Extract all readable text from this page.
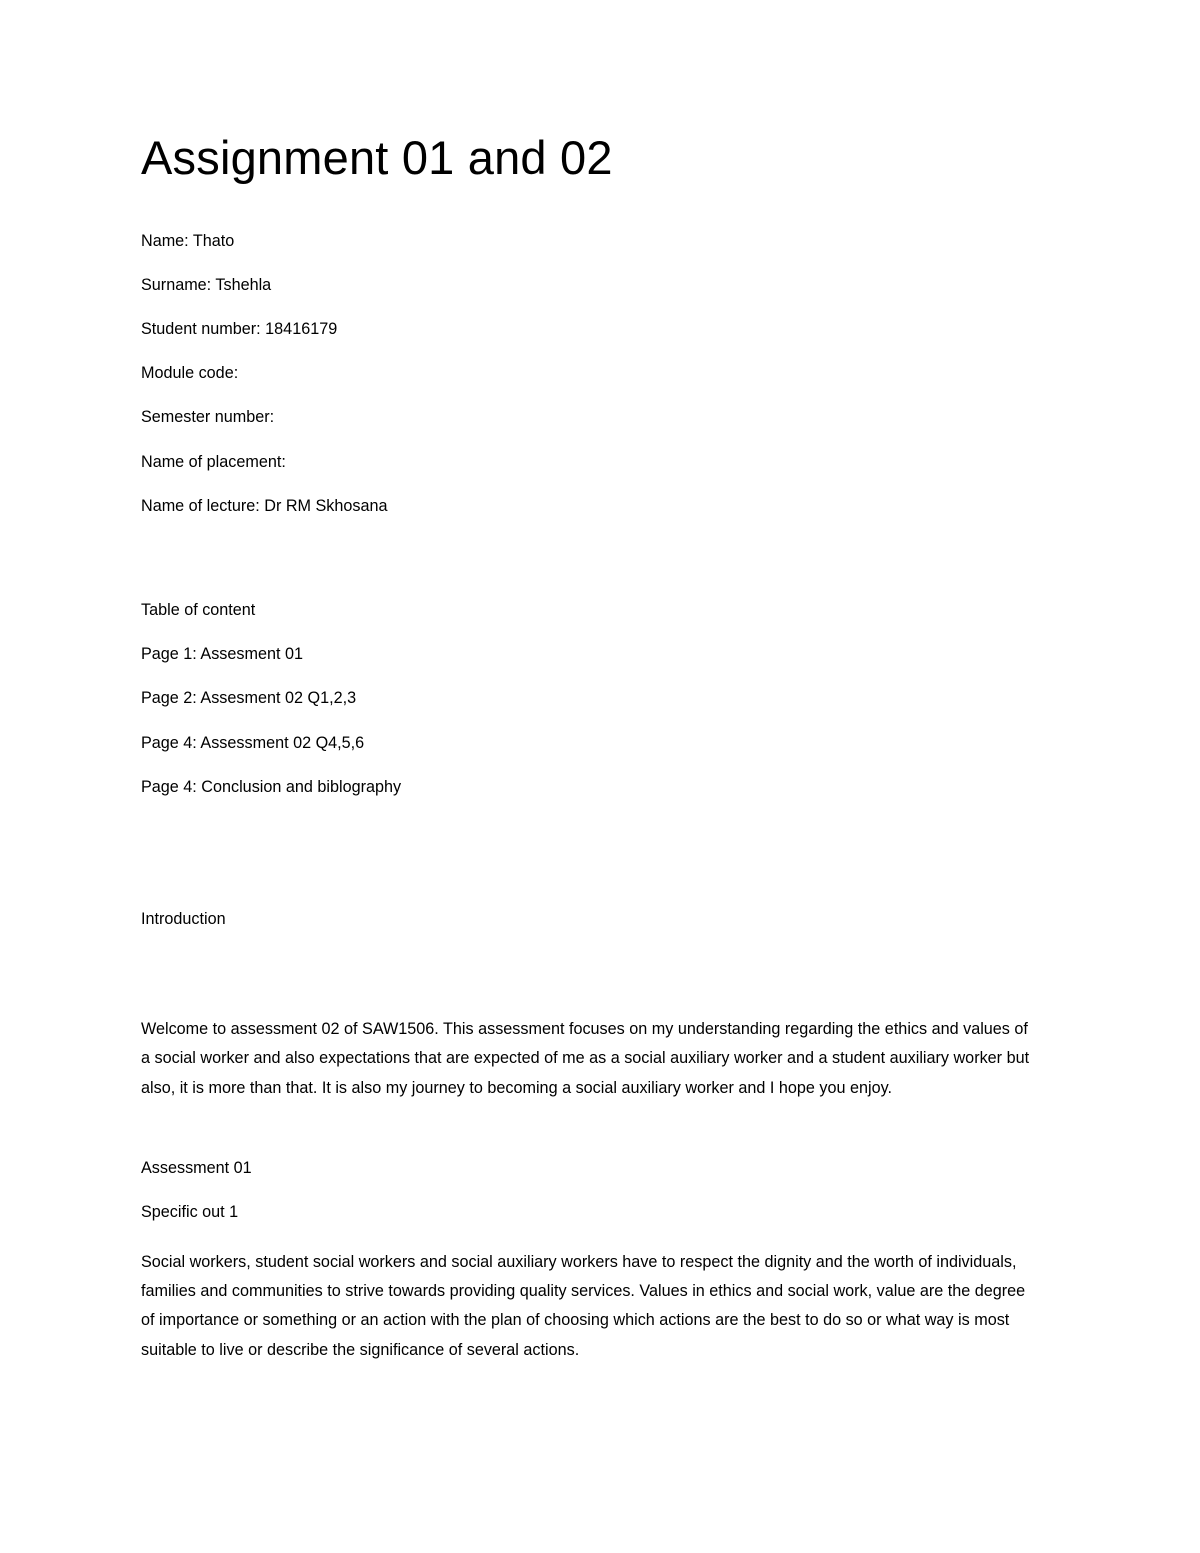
Assignment 01 and 02

Name: Thato

Surname: Tshehla

Student number: 18416179

Module code:

Semester number:

Name of placement:

Name of lecture: Dr RM Skhosana

Table of content

Page 1: Assesment 01

Page 2: Assesment 02 Q1,2,3

Page 4: Assessment 02 Q4,5,6

Page 4: Conclusion and biblography

Introduction

Welcome to assessment 02 of SAW1506. This assessment focuses on my understanding regarding the ethics and values of a social worker and also expectations that are expected of me as a social auxiliary worker and a student auxiliary worker but also, it is more than that. It is also my journey to becoming a social auxiliary worker and I hope you enjoy.

Assessment 01

Specific out 1

Social workers, student social workers and social auxiliary workers have to respect the dignity and the worth of individuals, families and communities to strive towards providing quality services. Values in ethics and social work, value are the degree of importance or something or an action with the plan of choosing which actions are the best to do so or what way is most suitable to live or describe the significance of several actions.
